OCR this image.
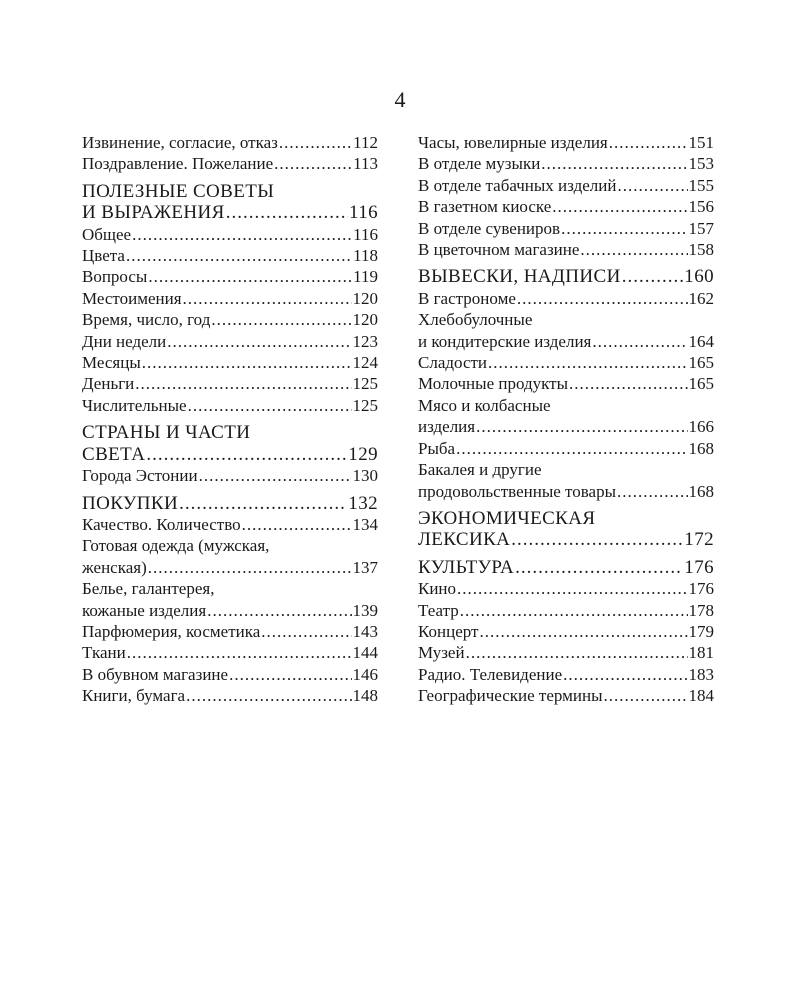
4
Извинение, согласие, отказ .....	112
Поздравление. Пожелание .....	113
ПОЛЕЗНЫЕ СОВЕТЫ
И ВЫРАЖЕНИЯ .....	116
Общее .....	116
Цвета .....	118
Вопросы .....	119
Местоимения .....	120
Время, число, год .....	120
Дни недели .....	123
Месяцы .....	124
Деньги .....	125
Числительные .....	125
СТРАНЫ И ЧАСТИ
СВЕТА .....	129
Города Эстонии .....	130
ПОКУПКИ .....	132
Качество. Количество .....	134
Готовая одежда (мужская,
женская) .....	137
Белье, галантерея,
кожаные изделия .....	139
Парфюмерия, косметика .....	143
Ткани .....	144
В обувном магазине .....	146
Книги, бумага .....	148
Часы, ювелирные изделия .....	151
В отделе музыки .....	153
В отделе табачных изделий .....	155
В газетном киоске .....	156
В отделе сувениров .....	157
В цветочном магазине .....	158
ВЫВЕСКИ, НАДПИСИ .....	160
В гастрономе .....	162
Хлебобулочные
и кондитерские изделия .....	164
Сладости .....	165
Молочные продукты .....	165
Мясо и колбасные
изделия .....	166
Рыба .....	168
Бакалея и другие
продовольственные товары .....	168
ЭКОНОМИЧЕСКАЯ
ЛЕКСИКА .....	172
КУЛЬТУРА .....	176
Кино .....	176
Театр .....	178
Концерт .....	179
Музей .....	181
Радио. Телевидение .....	183
Географические термины .....	184
